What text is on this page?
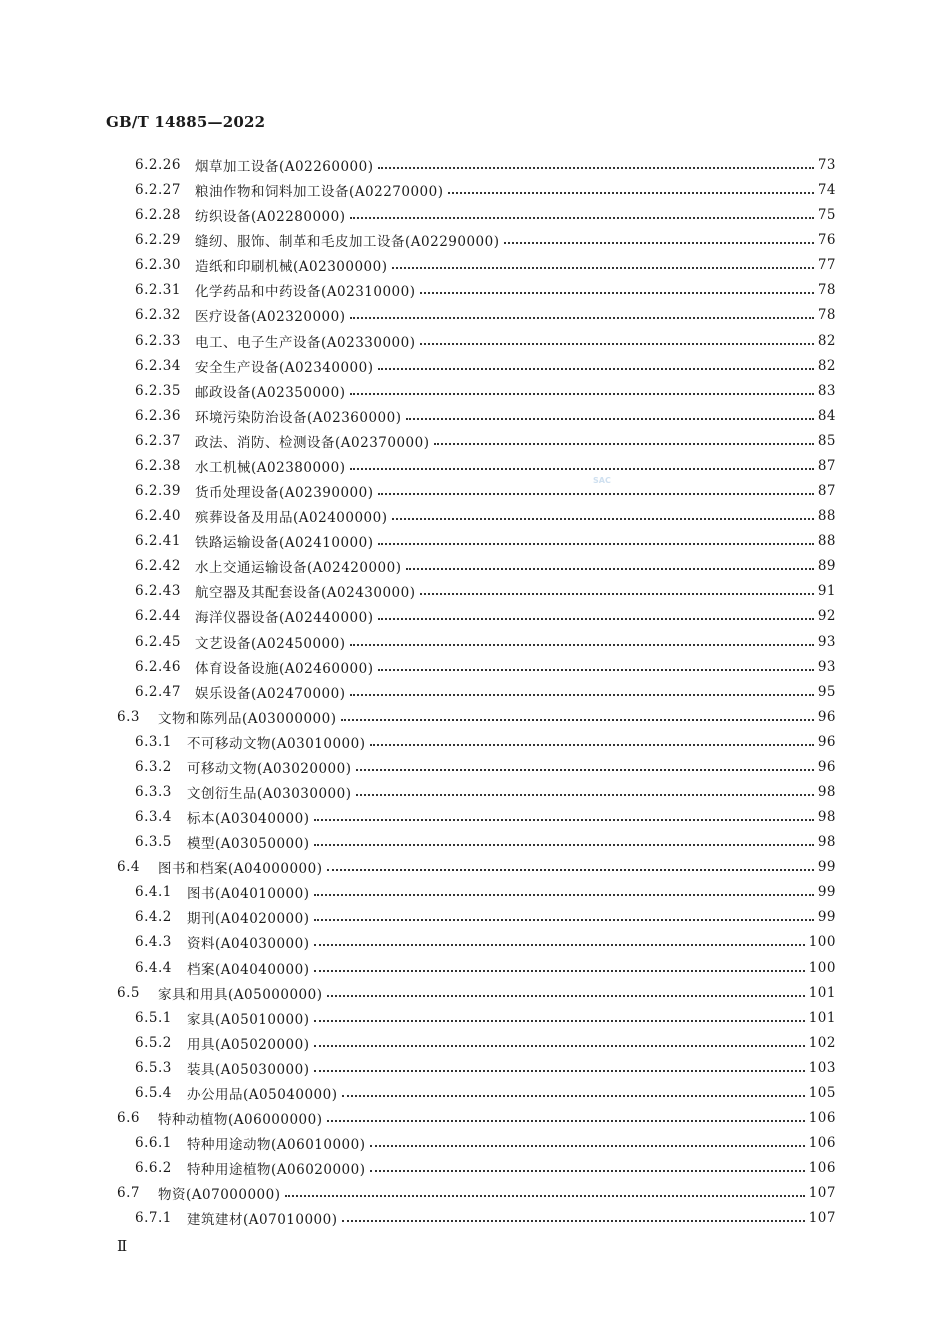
GB/T 14885—2022
SAC
6.2.26	烟草加工设备(A02260000)	73
6.2.27	粮油作物和饲料加工设备(A02270000)	74
6.2.28	纺织设备(A02280000)	75
6.2.29	缝纫、服饰、制革和毛皮加工设备(A02290000)	76
6.2.30	造纸和印刷机械(A02300000)	77
6.2.31	化学药品和中药设备(A02310000)	78
6.2.32	医疗设备(A02320000)	78
6.2.33	电工、电子生产设备(A02330000)	82
6.2.34	安全生产设备(A02340000)	82
6.2.35	邮政设备(A02350000)	83
6.2.36	环境污染防治设备(A02360000)	84
6.2.37	政法、消防、检测设备(A02370000)	85
6.2.38	水工机械(A02380000)	87
6.2.39	货币处理设备(A02390000)	87
6.2.40	殡葬设备及用品(A02400000)	88
6.2.41	铁路运输设备(A02410000)	88
6.2.42	水上交通运输设备(A02420000)	89
6.2.43	航空器及其配套设备(A02430000)	91
6.2.44	海洋仪器设备(A02440000)	92
6.2.45	文艺设备(A02450000)	93
6.2.46	体育设备设施(A02460000)	93
6.2.47	娱乐设备(A02470000)	95
6.3	文物和陈列品(A03000000)	96
6.3.1	不可移动文物(A03010000)	96
6.3.2	可移动文物(A03020000)	96
6.3.3	文创衍生品(A03030000)	98
6.3.4	标本(A03040000)	98
6.3.5	模型(A03050000)	98
6.4	图书和档案(A04000000)	99
6.4.1	图书(A04010000)	99
6.4.2	期刊(A04020000)	99
6.4.3	资料(A04030000)	100
6.4.4	档案(A04040000)	100
6.5	家具和用具(A05000000)	101
6.5.1	家具(A05010000)	101
6.5.2	用具(A05020000)	102
6.5.3	装具(A05030000)	103
6.5.4	办公用品(A05040000)	105
6.6	特种动植物(A06000000)	106
6.6.1	特种用途动物(A06010000)	106
6.6.2	特种用途植物(A06020000)	106
6.7	物资(A07000000)	107
6.7.1	建筑建材(A07010000)	107
Ⅱ
